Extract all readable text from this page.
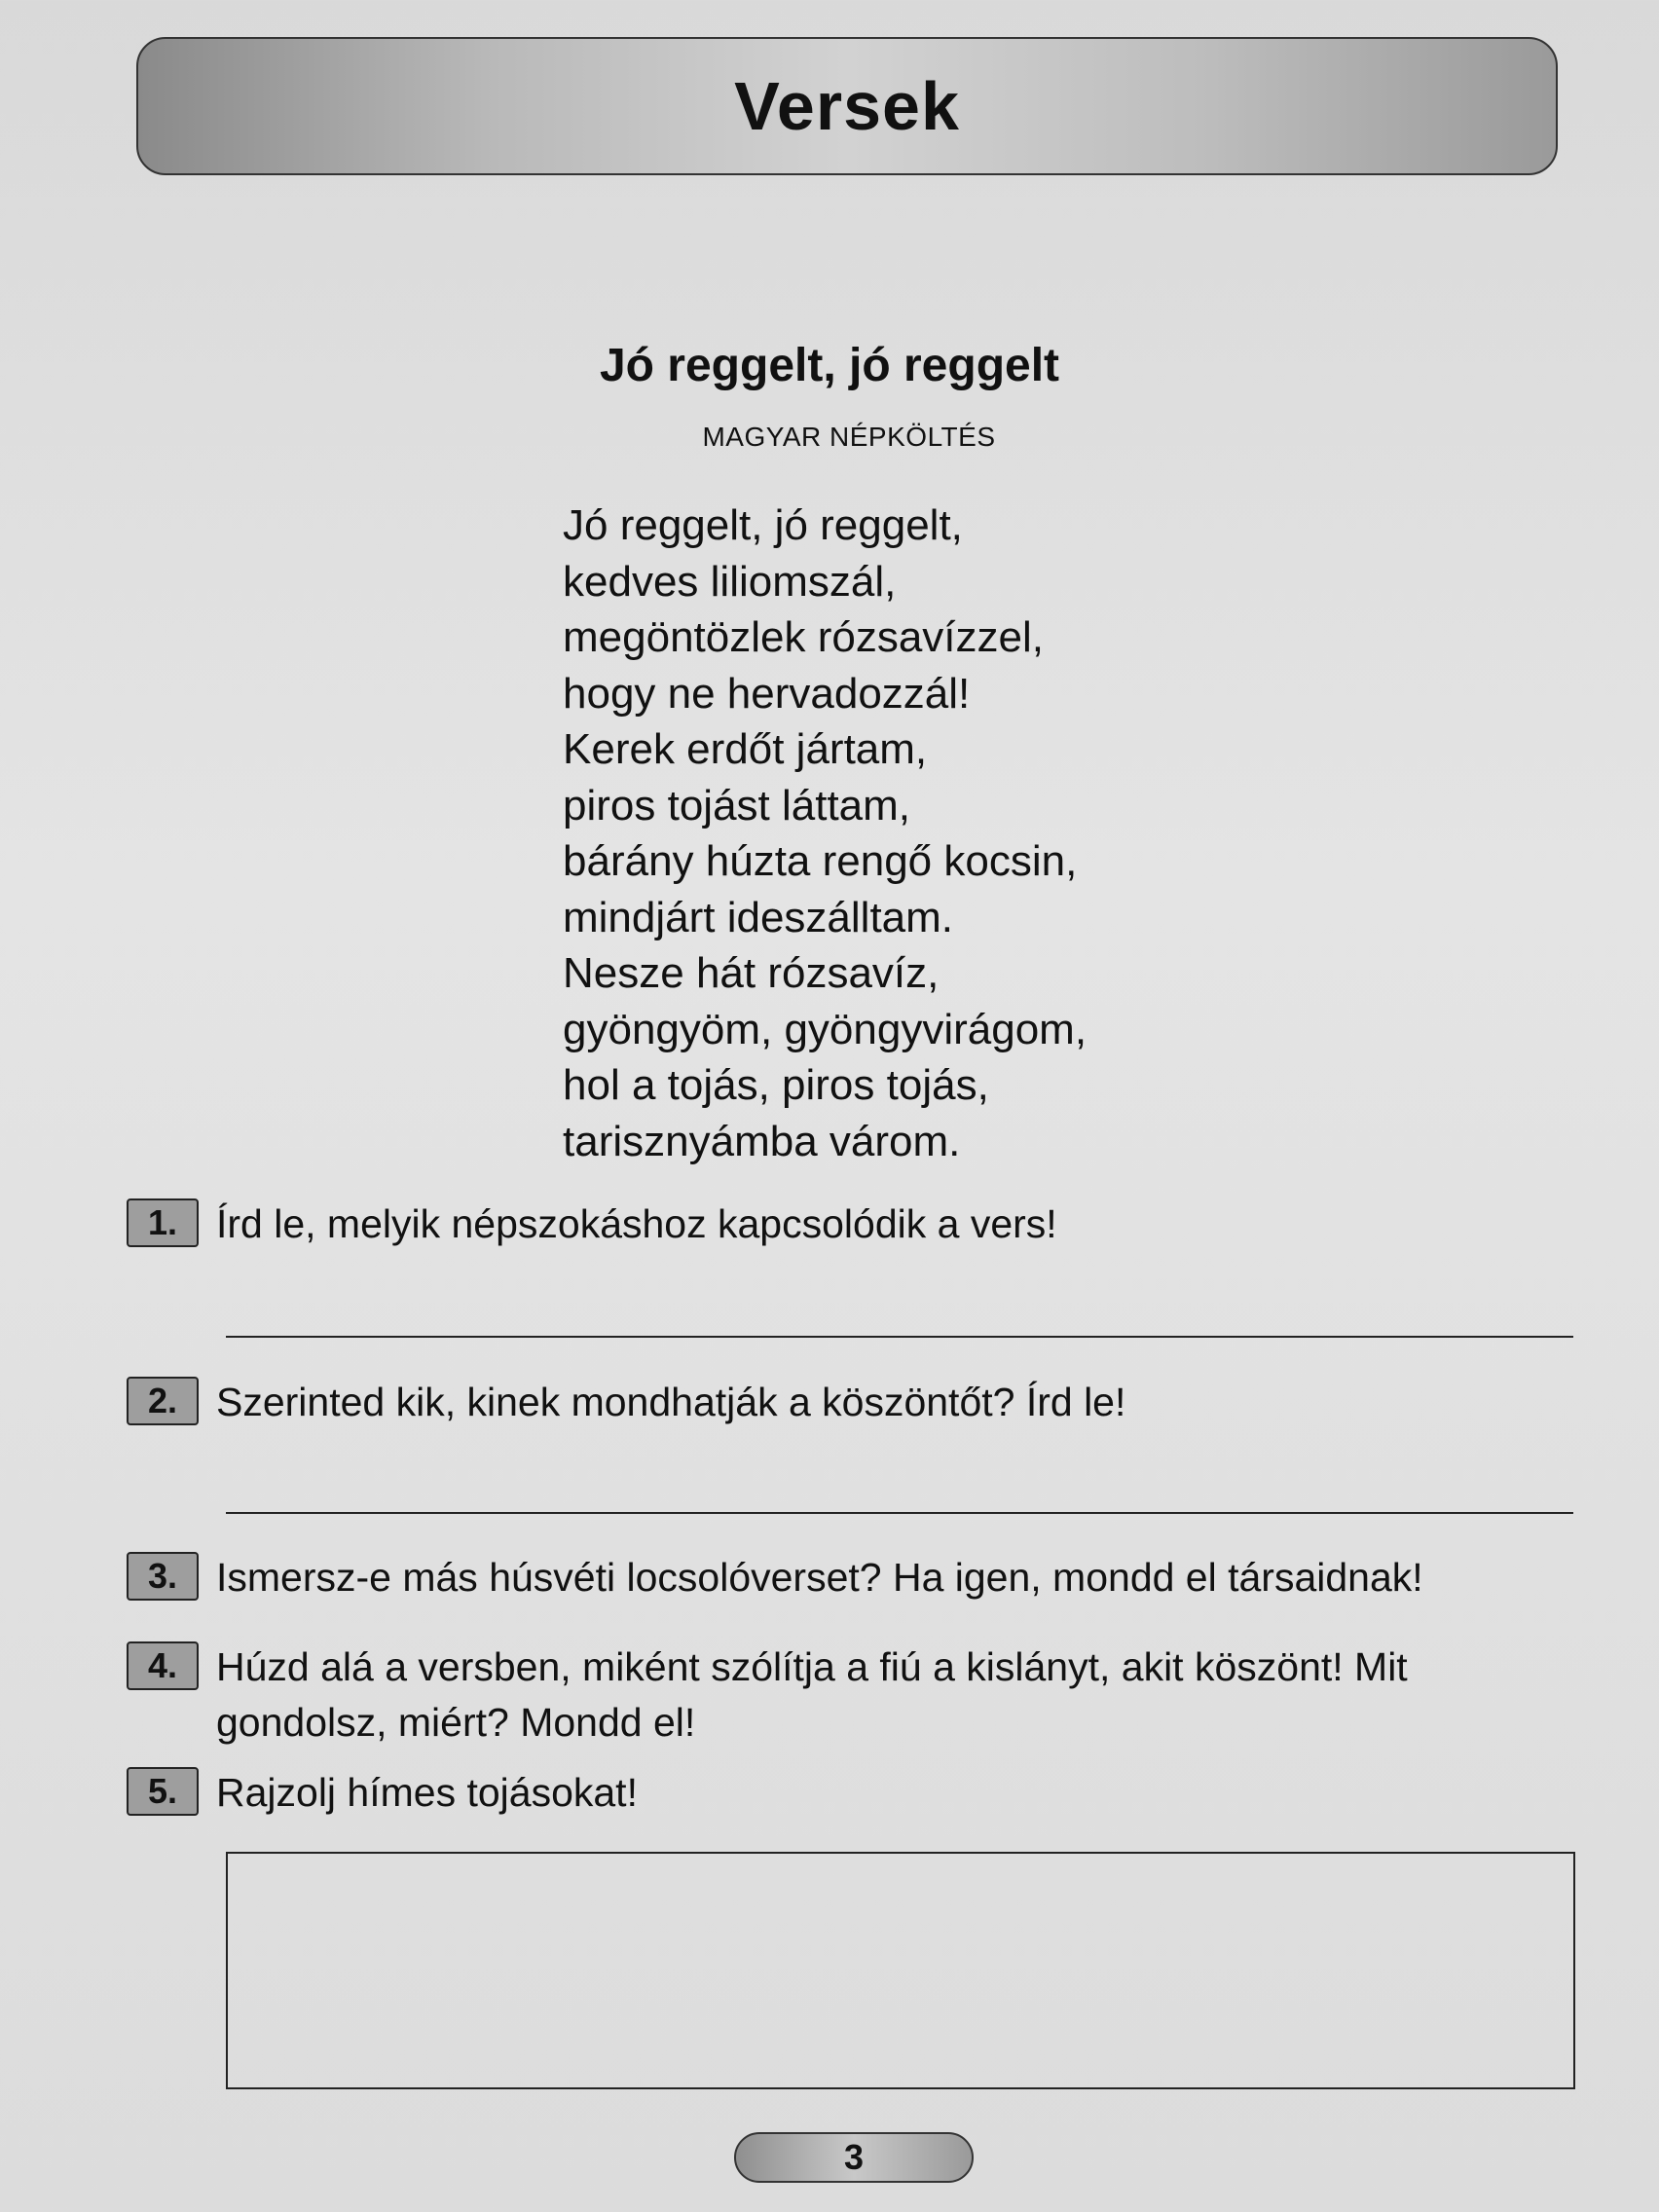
Versek
Jó reggelt, jó reggelt
MAGYAR NÉPKÖLTÉS
Jó reggelt, jó reggelt,
kedves liliomszál,
megöntözlek rózsavízzel,
hogy ne hervadozzál!
Kerek erdőt jártam,
piros tojást láttam,
bárány húzta rengő kocsin,
mindjárt ideszálltam.
Nesze hát rózsavíz,
gyöngyöm, gyöngyvirágom,
hol a tojás, piros tojás,
tarisznyámba várom.
1. Írd le, melyik népszokáshoz kapcsolódik a vers!
2. Szerinted kik, kinek mondhatják a köszöntőt? Írd le!
3. Ismersz-e más húsvéti locsolóverset? Ha igen, mondd el társaidnak!
4. Húzd alá a versben, miként szólítja a fiú a kislányt, akit köszönt! Mit gondolsz, miért? Mondd el!
5. Rajzolj hímes tojásokat!
3
